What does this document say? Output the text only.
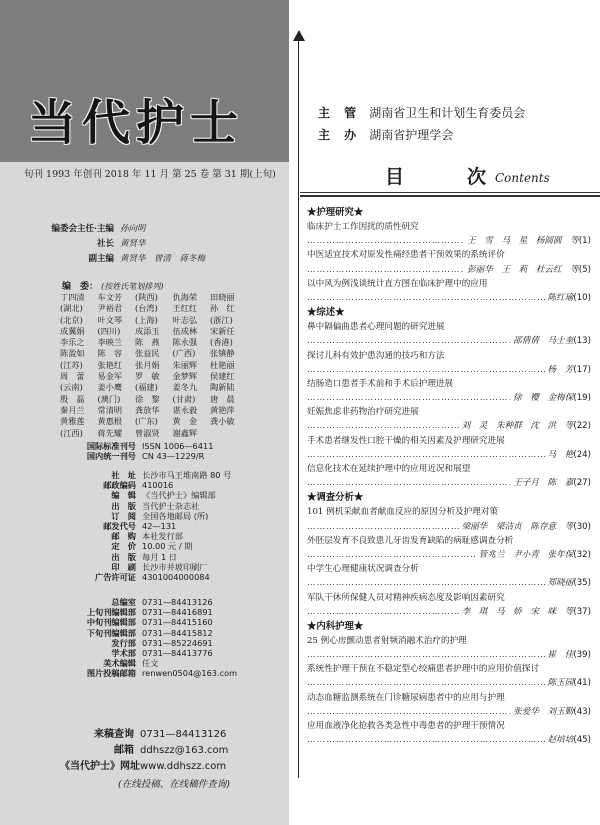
当代护士
旬刊 1993 年创刊 2018 年 11 月 第 25 卷 第 31 期(上旬)
编委会主任·主编 孙向明
社长 黄贤华
副主编 黄贤华　曾清　蒋冬梅
编　委： (按姓氏笔划排列)
丁四清	车文芳	(陕西)	仇海荣	田晓丽
(湖北)	尹裕君	(台湾)	王红红	孙　红
(北京)	叶文琴	(上海)	叶志弘	(浙江)
成翼娟	(四川)	成添玉	伍成林	宋新任
李乐之	李映兰	陈　燕	陈永强	(香港)
陈盈如	陈　容	张益民	(广西)	张镇静
(江苏)	张艳红	张月娟	朱丽辉	杜艳丽
周　蕾	易金军	罗　敏	金梦辉	侯建红
(云南)	姜小鹰	(福建)	姜冬九	陶新陆
殷　磊	(澳门)	徐　黎	(甘肃)	唐　晨
秦月兰	常清明	龚放华	谌永毅	黄艳萍
黄雅莲	黄惠根	(广东)	黄　金	龚小敏
(江西)	蒋先耀	曾淑贤	谢鑫辉
国际标准刊号 ISSN 1006—6411
国内统一刊号 CN 43—1229/R
社　址 长沙市马王堆南路 80 号
邮政编码 410016
编　辑 《当代护士》编辑部
出　版 当代护士杂志社
订　阅 全国各地邮局 (所)
邮发代号 42—131
邮　购 本社发行部
定　价 10.00 元 / 期
出　版 每月 1 日
印　刷 长沙市井坡印刷厂
广告许可证 4301004000084
总编室 0731—84413126
上旬刊编辑部 0731—84416891
中旬刊编辑部 0731—84415160
下旬刊编辑部 0731—84415812
发行部 0731—85224691
学术部 0731—84413776
美术编辑 任文
图片投稿邮箱 renwen0504@163.com
来稿查询 0731—84413126
邮箱 ddhszz@163.com
《当代护士》网址 www.ddhszz.com
(在线投稿、在线稿件查询)
主 管 湖南省卫生和计划生育委员会
主 办 湖南省护理学会
目　次
Contents
★护理研究★
临床护士工作因扰的质性研究
……………………………………………………………………………………………………………………
王　雪　马　星　杨圆圆　等 (1)
中医适宜技术对原发性痛经患者干预效果的系统评价
……………………………………………………………………………………………………………………
彭丽华　王　莉　杜云红　等 (5)
以中风为例浅谈统计直方图在临床护理中的应用
……………………………………………………………………………………………………………………
陈红瑜 (10)
★综述★
鼻中隔偏曲患者心理问题的研究进展
……………………………………………………………………………………………………………………
邵倩倩　马士奎 (13)
探讨儿科有效护患沟通的技巧和方法
……………………………………………………………………………………………………………………
杨　芳 (17)
结肠造口患者手术前和手术后护理进展
……………………………………………………………………………………………………………………
徐　樱　金梅保 (19)
妊娠焦虑非药物治疗研究进展
……………………………………………………………………………………………………………………
刘　灵　朱种群　沈　洪　等 (22)
手术患者继发性口腔干燥的相关因素及护理研究进展
……………………………………………………………………………………………………………………
马　艳 (24)
信息化技术在延续护理中的应用近况和展望
……………………………………………………………………………………………………………………
王子月　陈　嘉 (27)
★调查分析★
101 例机采献血者献血反应的原因分析及护理对策
……………………………………………………………………………………………………………………
梁丽华　梁洁贞　陈存意　等 (30)
外胚层发育不良致患儿牙齿发育缺陷的病耻感调查分析
……………………………………………………………………………………………………………………
管兆兰　尹小青　张年保 (32)
中学生心理健康状况调查分析
……………………………………………………………………………………………………………………
郑晓丽 (35)
军队干休所保健人员对精神疾病态度及影响因素研究
……………………………………………………………………………………………………………………
李　琪　马　娇　宋　咪　等 (37)
★内科护理★
25 例心房颤动患者射频消融术治疗的护理
……………………………………………………………………………………………………………………
崔　佳 (39)
系统性护理干预在不稳定型心绞痛患者护理中的应用价值探讨
……………………………………………………………………………………………………………………
陈玉园 (41)
动态血糖监测系统在门诊糖尿病患者中的应用与护理
……………………………………………………………………………………………………………………
张爱华　刘玉勤 (43)
应用血液净化抢救各类急性中毒患者的护理干预情况
……………………………………………………………………………………………………………………
赵培培 (45)
